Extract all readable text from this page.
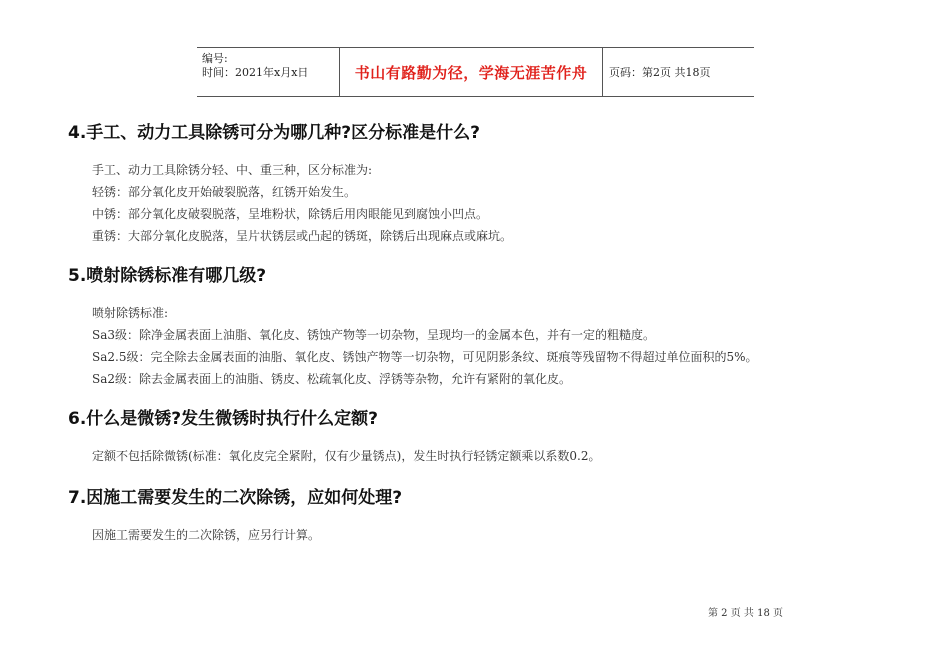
编号:
时间：2021年x月x日	书山有路勤为径，学海无涯苦作舟	页码：第2页 共18页
4.手工、动力工具除锈可分为哪几种?区分标准是什么?

手工、动力工具除锈分轻、中、重三种，区分标准为:

轻锈：部分氧化皮开始破裂脱落，红锈开始发生。

中锈：部分氧化皮破裂脱落，呈堆粉状，除锈后用肉眼能见到腐蚀小凹点。

重锈：大部分氧化皮脱落，呈片状锈层或凸起的锈斑，除锈后出现麻点或麻坑。

5.喷射除锈标准有哪几级?

喷射除锈标准:

Sa3级：除净金属表面上油脂、氧化皮、锈蚀产物等一切杂物，呈现均一的金属本色，并有一定的粗糙度。

Sa2.5级：完全除去金属表面的油脂、氧化皮、锈蚀产物等一切杂物，可见阴影条纹、斑痕等残留物不得超过单位面积的5%。

Sa2级：除去金属表面上的油脂、锈皮、松疏氧化皮、浮锈等杂物，允许有紧附的氧化皮。

6.什么是微锈?发生微锈时执行什么定额?

定额不包括除微锈(标准：氧化皮完全紧附，仅有少量锈点)，发生时执行轻锈定额乘以系数0.2。

7.因施工需要发生的二次除锈，应如何处理?

因施工需要发生的二次除锈，应另行计算。

第 2 页 共 18 页
